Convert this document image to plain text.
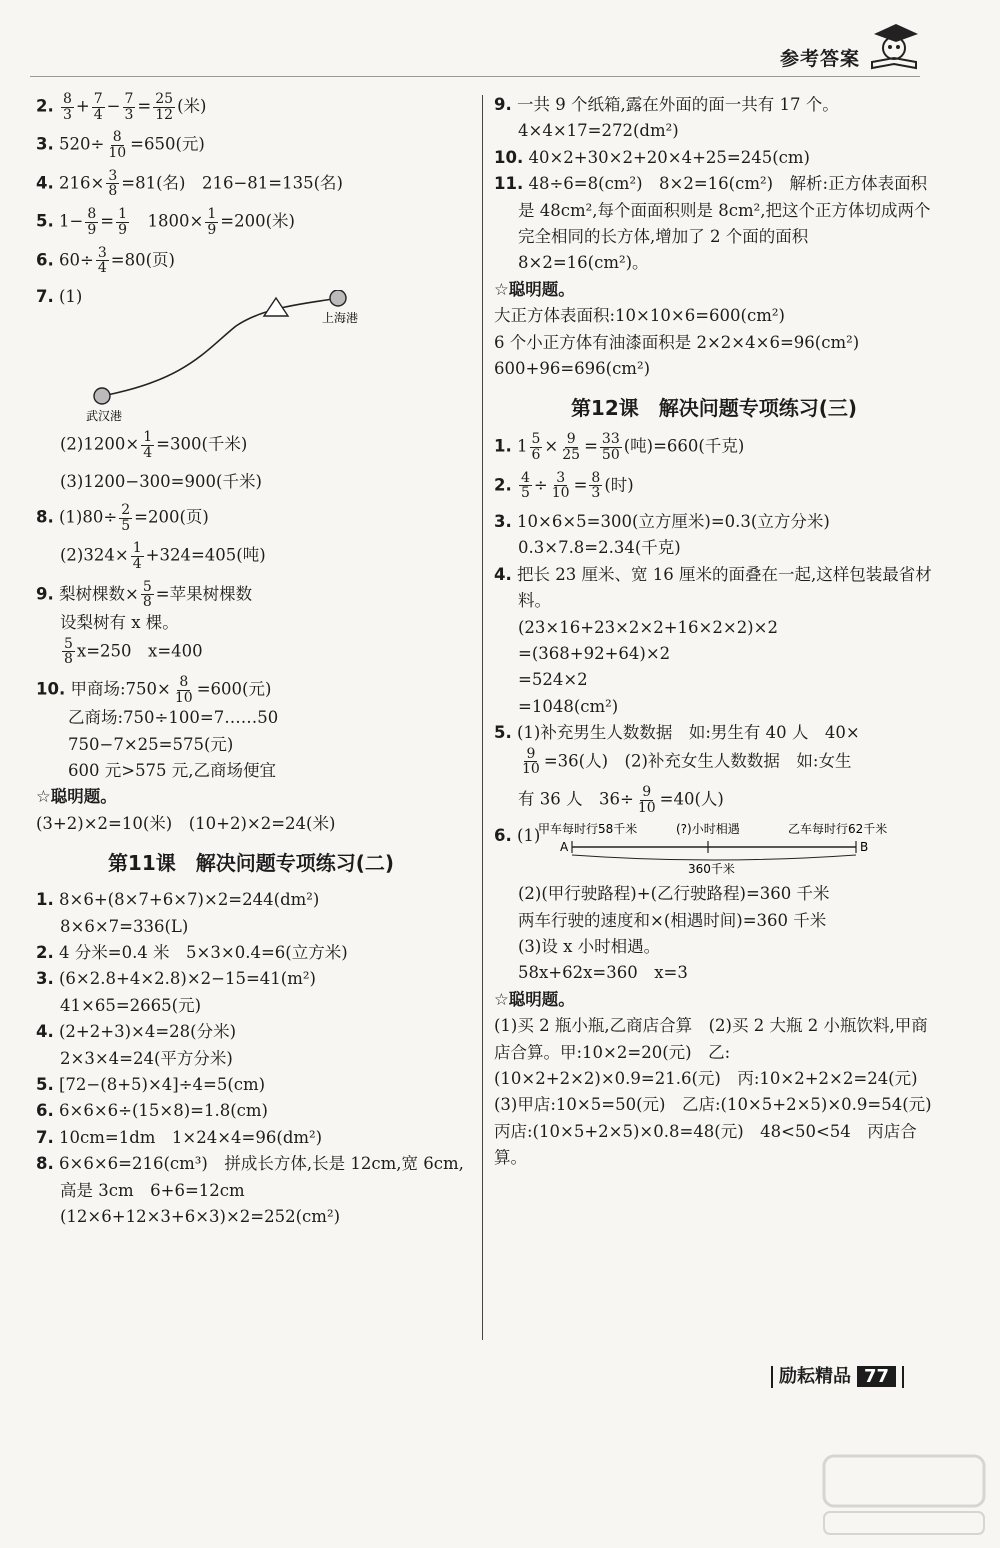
参考答案
2. $\frac{8}{3} + \frac{7}{4} - \frac{7}{3} = \frac{25}{12}$ (米)
3. $520\div \frac{8}{10} =650$(元)
4. $216\times \frac{3}{8} =81$(名)　216−81=135(名)
5. $1- \frac{8}{9} = \frac{1}{9}$ 　$1800\times \frac{1}{9} =200$(米)
6. $60\div \frac{3}{4} =80$(页)
7. (1)
上海港
武汉港
$(2)1200\times \frac{1}{4} =300$(千米)
(3)1200−300=900(千米)
8. $(1)80\div \frac{2}{5} =200$(页)
$(2)324\times \frac{1}{4} +324=405$(吨)
9. 梨树棵数× $\frac{5}{8}$ =苹果树棵数
设梨树有 x 棵。
$\frac{5}{8} x=250$　x=400
10. 甲商场:750× $\frac{8}{10} =600$(元)
乙商场:750÷100=7……50
750−7×25=575(元)
600 元>575 元,乙商场便宜
☆聪明题。
(3+2)×2=10(米)　(10+2)×2=24(米)
第11课　解决问题专项练习(二)
1. 8×6+(8×7+6×7)×2=244(dm²)
8×6×7=336(L)
2. 4 分米=0.4 米　5×3×0.4=6(立方米)
3. (6×2.8+4×2.8)×2−15=41(m²)
41×65=2665(元)
4. (2+2+3)×4=28(分米)
2×3×4=24(平方分米)
5. [72−(8+5)×4]÷4=5(cm)
6. 6×6×6÷(15×8)=1.8(cm)
7. 10cm=1dm　1×24×4=96(dm²)
8. 6×6×6=216(cm³)　拼成长方体,长是 12cm,宽 6cm,高是 3cm　6+6=12cm　(12×6+12×3+6×3)×2=252(cm²)
9. 一共 9 个纸箱,露在外面的面一共有 17 个。
4×4×17=272(dm²)
10. 40×2+30×2+20×4+25=245(cm)
11. 48÷6=8(cm²)　8×2=16(cm²)　解析:正方体表面积是 48cm²,每个面面积则是 8cm²,把这个正方体切成两个完全相同的长方体,增加了 2 个面的面积 8×2=16(cm²)。
☆聪明题。
大正方体表面积:10×10×6=600(cm²)
6 个小正方体有油漆面积是 2×2×4×6=96(cm²)
600+96=696(cm²)
第12课　解决问题专项练习(三)
1. $1 \frac{5}{6} \times \frac{9}{25} = \frac{33}{50}$ (吨)=660(千克)
2. $\frac{4}{5} \div \frac{3}{10} = \frac{8}{3}$ (时)
3. 10×6×5=300(立方厘米)=0.3(立方分米)
0.3×7.8=2.34(千克)
4. 把长 23 厘米、宽 16 厘米的面叠在一起,这样包装最省材料。
(23×16+23×2×2+16×2×2)×2
=(368+92+64)×2
=524×2
=1048(cm²)
5. (1)补充男生人数数据　如:男生有 40 人　40×
$\frac{9}{10} =36$(人)　(2)补充女生人数数据　如:女生
有 36 人　$36\div \frac{9}{10} =40$(人)
6. (1)
甲车每时行58千米	(?)小时相遇	乙车每时行62千米
A	B
360千米
(2)(甲行驶路程)+(乙行驶路程)=360 千米
两车行驶的速度和×(相遇时间)=360 千米
(3)设 x 小时相遇。
58x+62x=360　x=3
☆聪明题。
(1)买 2 瓶小瓶,乙商店合算　(2)买 2 大瓶 2 小瓶饮料,甲商店合算。甲:10×2=20(元)　乙:(10×2+2×2)×0.9=21.6(元)　丙:10×2+2×2=24(元)　(3)甲店:10×5=50(元)　乙店:(10×5+2×5)×0.9=54(元)　丙店:(10×5+2×5)×0.8=48(元)　48<50<54　丙店合算。
励耘精品 77
